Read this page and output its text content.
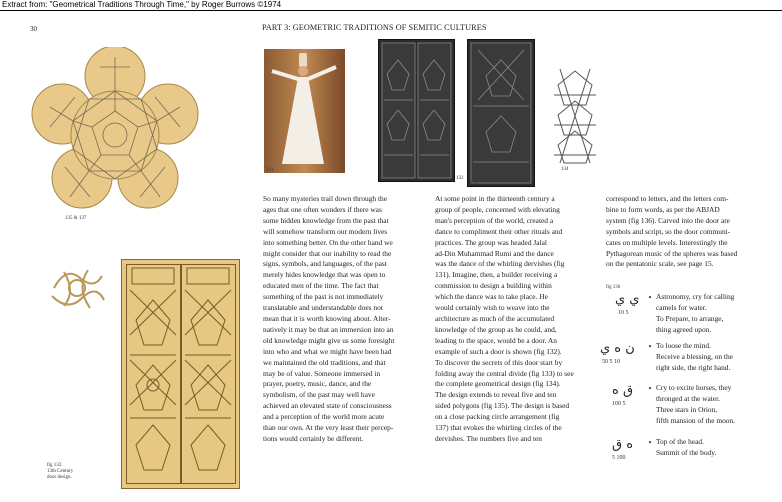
Extract from: "Geometrical Traditions Through Time," by Roger Burrows ©1974
30	PART 3: GEOMETRIC TRADITIONS OF SEMITIC CULTURES
135 & 137
fig 132.
13th Century
door design.
131
132
133
134

So many mysteries trail down through the

ages that one often wonders if there was

some hidden knowledge from the past that

will somehow transform our modern lives

into something better. On the other hand we

might consider that our inability to read the

signs, symbols, and languages, of the past

merely hides knowledge that was open to

educated men of the time. The fact that

something of the past is not immediately

translatable and understandable does not

mean that it is worth knowing about. Alter-

natively it may be that an immersion into an

old knowledge might give us some foresight

into who and what we might have been had

we maintained the old traditions, and that

may be of value. Someone immersed in

prayer, poetry, music, dance, and the

symbolism, of the past may well have

achieved an elevated state of consciousness

and a perception of the world more acute

than our own. At the very least their percep-

tions would certainly be different.

At some point in the thirteenth century a

group of people, concerned with elevating

man's perception of the world, created a

dance to compliment their other rituals and

practices. The group was headed Jalal

ad-Din Muhammad Rumi and the dance

was the dance of the whirling dervishes (fig

131). Imagine, then, a builder receiving a

commission to design a building within

which the dance was to take place. He

would certainly wish to weave into the

architecture as much of the accumulated

knowledge of the group as he could, and,

leading to the space, would be a door. An

example of such a door is shown (fig 132).

To discover the secrets of this door start by

folding away the central divide (fig 133) to see

the complete geometrical design (fig 134).

The design extends to reveal five and ten

sided polygons (fig 135). The design is based

on a close packing circle arrangement (fig

137) that evokes the whirling circles of the

dervishes. The numbers five and ten

correspond to letters, and the letters com-

bine to form words, as per the ABJAD

system (fig 136). Carved into the door are

symbols and script, so the door communi-

cates on multiple levels. Interestingly the

Pythagorean music of the spheres was based

on the pentatonic scale, see page 15.

fig 136
ي ي
10 5
• Astronomy, cry for calling

camels for water.

To Prepare, to arrange,

thing agreed upon.

ن ه ي
50 5 10
• To loose the mind.

Receive a blessing, on the

right side, the right hand.

ق ه
100 5
• Cry to excite horses, they

thronged at the water.

Three stars in Orion,

fifth mansion of the moon.

ه ق
5 100
• Top of the head.

Summit of the body.
